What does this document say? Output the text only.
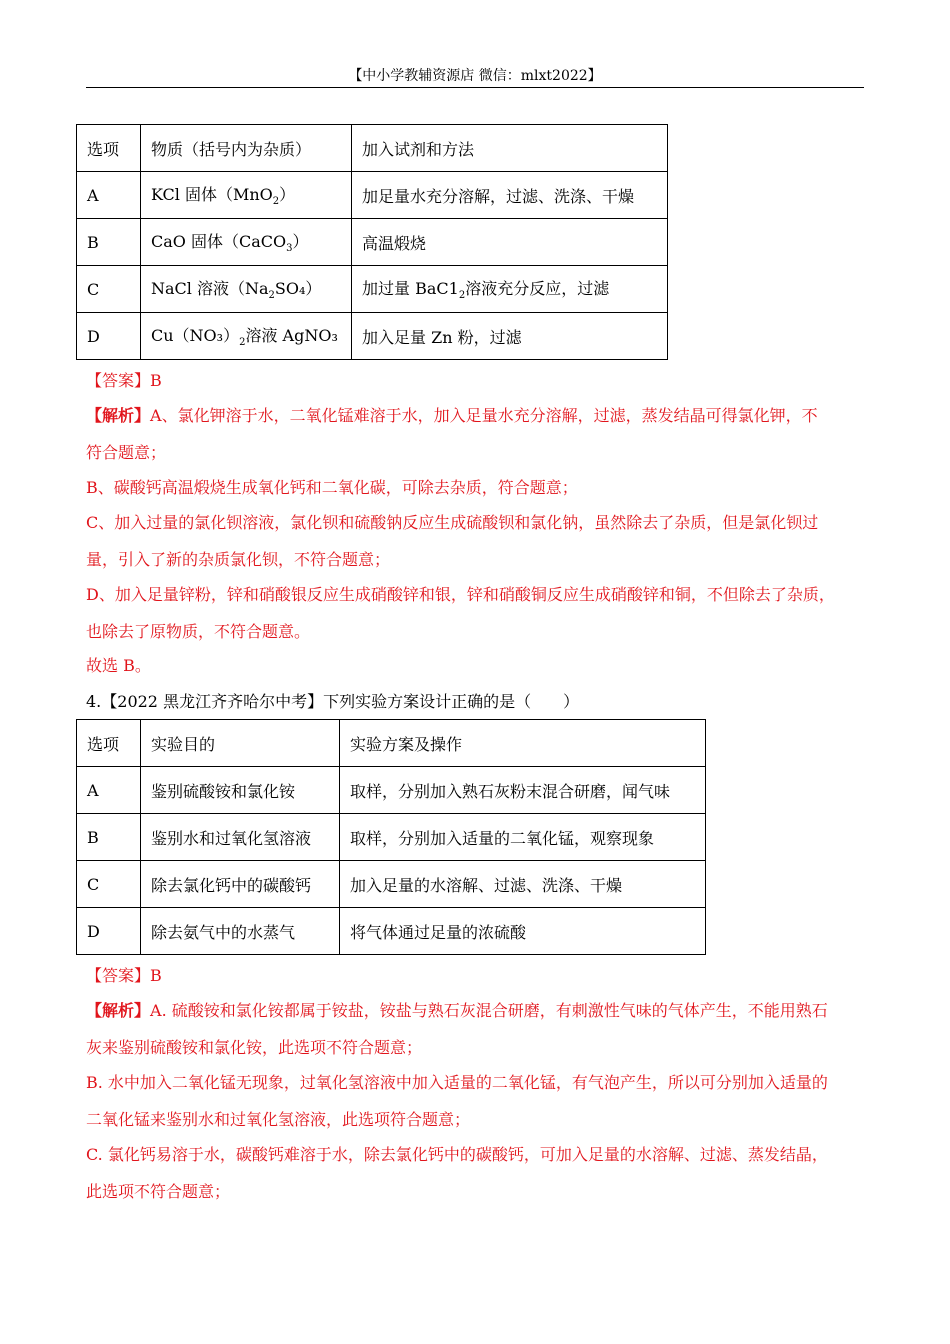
【中小学教辅资源店 微信：mlxt2022】
选项	物质（括号内为杂质）	加入试剂和方法
A	KCl 固体（MnO$_2$）	加足量水充分溶解，过滤、洗涤、干燥
B	CaO 固体（CaCO$_3$）	高温煅烧
C	NaCl 溶液$(Na_2SO_4)$	加过量 $BaC1_2$溶液充分反应，过滤
D	$Cu(NO_3)_2$溶液 AgNO₃	加入足量 Zn 粉，过滤
【答案】B
【解析】A、氯化钾溶于水，二氧化锰难溶于水，加入足量水充分溶解，过滤，蒸发结晶可得氯化钾，不
符合题意；
B、碳酸钙高温煅烧生成氧化钙和二氧化碳，可除去杂质，符合题意；
C、加入过量的氯化钡溶液，氯化钡和硫酸钠反应生成硫酸钡和氯化钠，虽然除去了杂质，但是氯化钡过
量，引入了新的杂质氯化钡，不符合题意；
D、加入足量锌粉，锌和硝酸银反应生成硝酸锌和银，锌和硝酸铜反应生成硝酸锌和铜，不但除去了杂质，
也除去了原物质，不符合题意。
故选 B。
4.【2022 黑龙江齐齐哈尔中考】下列实验方案设计正确的是（　　）
选项	实验目的	实验方案及操作
A	鉴别硫酸铵和氯化铵	取样，分别加入熟石灰粉末混合研磨，闻气味
B	鉴别水和过氧化氢溶液	取样，分别加入适量的二氧化锰，观察现象
C	除去氯化钙中的碳酸钙	加入足量的水溶解、过滤、洗涤、干燥
D	除去氨气中的水蒸气	将气体通过足量的浓硫酸
【答案】B
【解析】A. 硫酸铵和氯化铵都属于铵盐，铵盐与熟石灰混合研磨，有刺激性气味的气体产生，不能用熟石
灰来鉴别硫酸铵和氯化铵，此选项不符合题意；
B. 水中加入二氧化锰无现象，过氧化氢溶液中加入适量的二氧化锰，有气泡产生，所以可分别加入适量的
二氧化锰来鉴别水和过氧化氢溶液，此选项符合题意；
C. 氯化钙易溶于水，碳酸钙难溶于水，除去氯化钙中的碳酸钙，可加入足量的水溶解、过滤、蒸发结晶，
此选项不符合题意；
